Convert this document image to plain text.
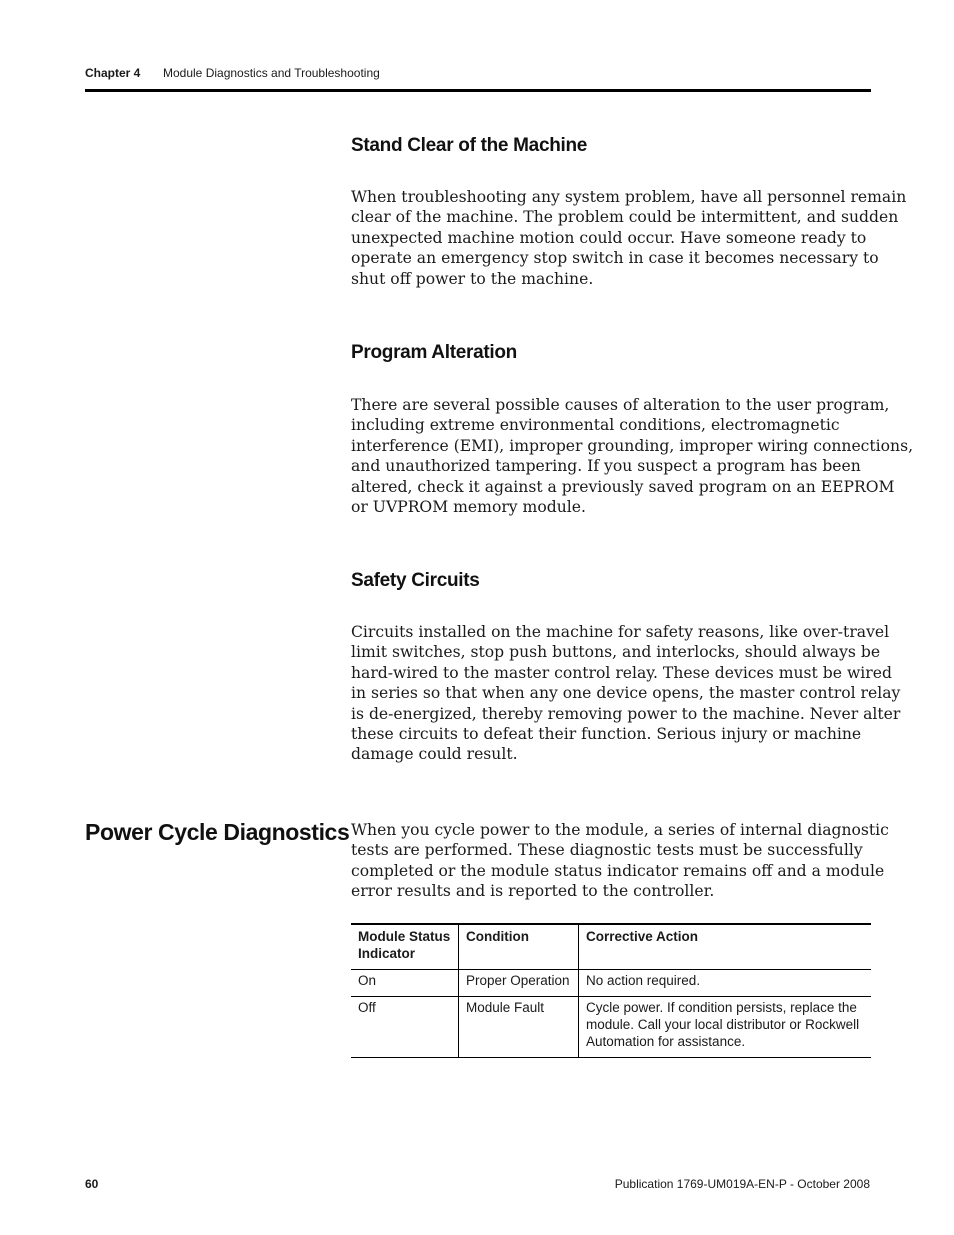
Chapter 4 Module Diagnostics and Troubleshooting
Stand Clear of the Machine
When troubleshooting any system problem, have all personnel remain
clear of the machine. The problem could be intermittent, and sudden
unexpected machine motion could occur. Have someone ready to
operate an emergency stop switch in case it becomes necessary to
shut off power to the machine.
Program Alteration
There are several possible causes of alteration to the user program,
including extreme environmental conditions, electromagnetic
interference (EMI), improper grounding, improper wiring connections,
and unauthorized tampering. If you suspect a program has been
altered, check it against a previously saved program on an EEPROM
or UVPROM memory module.
Safety Circuits
Circuits installed on the machine for safety reasons, like over-travel
limit switches, stop push buttons, and interlocks, should always be
hard-wired to the master control relay. These devices must be wired
in series so that when any one device opens, the master control relay
is de-energized, thereby removing power to the machine. Never alter
these circuits to defeat their function. Serious injury or machine
damage could result.
Power Cycle Diagnostics When you cycle power to the module, a series of internal diagnostic
tests are performed. These diagnostic tests must be successfully
completed or the module status indicator remains off and a module
error results and is reported to the controller.
Module Status
Indicator	Condition	Corrective Action
On	Proper Operation	No action required.

Off	Module Fault	Cycle power. If condition persists, replace the
module. Call your local distributor or Rockwell
Automation for assistance.
60	Publication 1769-UM019A-EN-P - October 2008
